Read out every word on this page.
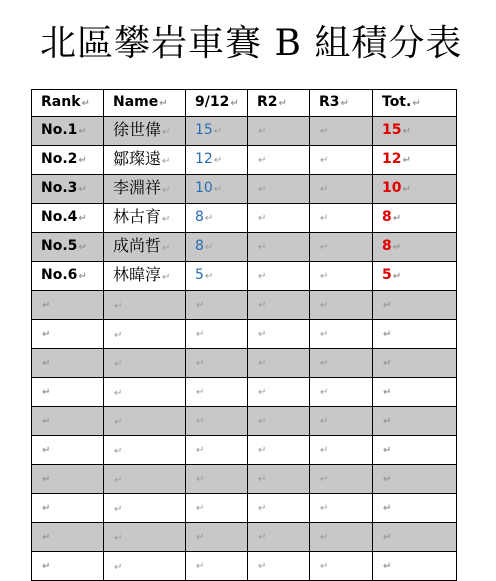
北區攀岩車賽 B 組積分表
Rank↵	Name↵	9/12↵	R2↵	R3↵	Tot.↵
No.1↵	徐世偉↵	15↵	↵	↵	15↵
No.2↵	鄒璨遠↵	12↵	↵	↵	12↵
No.3↵	李淵祥↵	10↵	↵	↵	10↵
No.4↵	林古育↵	8↵	↵	↵	8↵
No.5↵	成尚哲↵	8↵	↵	↵	8↵
No.6↵	林暐淳↵	5↵	↵	↵	5↵
↵	↵	↵	↵	↵	↵
↵	↵	↵	↵	↵	↵
↵	↵	↵	↵	↵	↵
↵	↵	↵	↵	↵	↵
↵	↵	↵	↵	↵	↵
↵	↵	↵	↵	↵	↵
↵	↵	↵	↵	↵	↵
↵	↵	↵	↵	↵	↵
↵	↵	↵	↵	↵	↵
↵	↵	↵	↵	↵	↵
